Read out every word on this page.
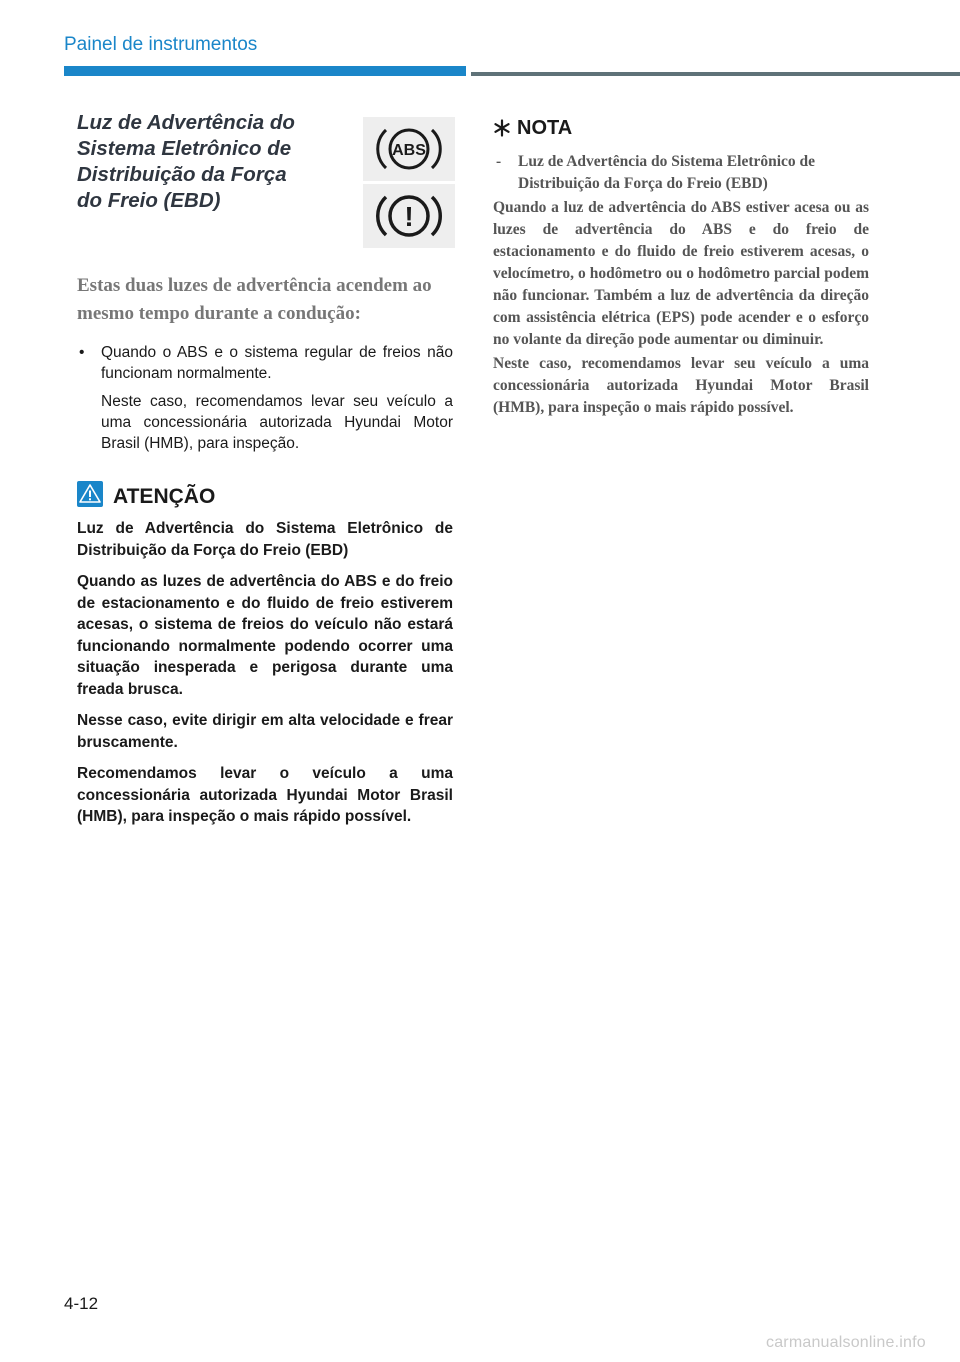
Painel de instrumentos
Luz de Advertência do Sistema Eletrônico de Distribuição da Força do Freio (EBD)
ABS
!

Estas duas luzes de advertência acendem ao mesmo tempo durante a condução:

• Quando o ABS e o sistema regular de freios não funcionam normalmente.

Neste caso, recomendamos levar seu veículo a uma concessionária autorizada Hyundai Motor Brasil (HMB), para inspeção.

ATENÇÃO

Luz de Advertência do Sistema Eletrônico de Distribuição da Força do Freio (EBD)

Quando as luzes de advertência do ABS e do freio de estacionamento e do fluido de freio estiverem acesas, o sistema de freios do veículo não estará funcionando normalmente podendo ocorrer uma situação inesperada e perigosa durante uma freada brusca.

Nesse caso, evite dirigir em alta velocidade e frear bruscamente.

Recomendamos levar o veículo a uma concessionária autorizada Hyundai Motor Brasil (HMB), para inspeção o mais rápido possível.

NOTA
- Luz de Advertência do Sistema Eletrônico de Distribuição da Força do Freio (EBD)

Quando a luz de advertência do ABS estiver acesa ou as luzes de advertência do ABS e do freio de estacionamento e do fluido de freio estiverem acesas, o velocímetro, o hodômetro ou o hodômetro parcial podem não funcionar. Também a luz de advertência da direção com assistência elétrica (EPS) pode acender e o esforço no volante da direção pode aumentar ou diminuir.

Neste caso, recomendamos levar seu veículo a uma concessionária autorizada Hyundai Motor Brasil (HMB), para inspeção o mais rápido possível.

4-12
carmanualsonline.info
